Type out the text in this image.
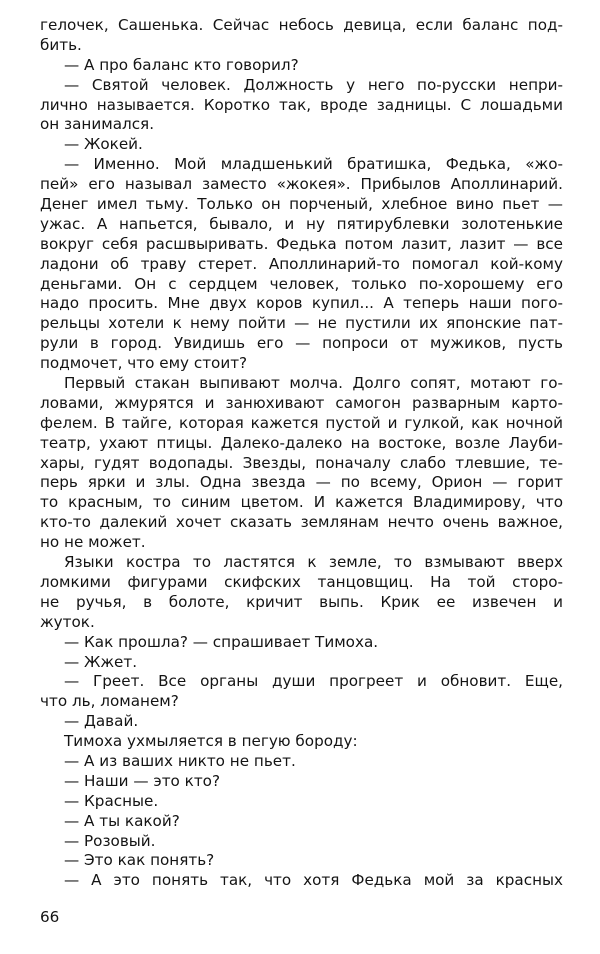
гелочек, Сашенька. Сейчас небось девица, если баланс под-
бить.
— А про баланс кто говорил?
— Святой человек. Должность у него по-русски непри-
лично называется. Коротко так, вроде задницы. С лошадьми
он занимался.
— Жокей.
— Именно. Мой младшенький братишка, Федька, «жо-
пей» его называл заместо «жокея». Прибылов Аполлинарий.
Денег имел тьму. Только он порченый, хлебное вино пьет —
ужас. А напьется, бывало, и ну пятирублевки золотенькие
вокруг себя расшвыривать. Федька потом лазит, лазит — все
ладони об траву стерет. Аполлинарий-то помогал кой-кому
деньгами. Он с сердцем человек, только по-хорошему его
надо просить. Мне двух коров купил... А теперь наши пого-
рельцы хотели к нему пойти — не пустили их японские пат-
рули в город. Увидишь его — попроси от мужиков, пусть
подмочет, что ему стоит?
Первый стакан выпивают молча. Долго сопят, мотают го-
ловами, жмурятся и занюхивают самогон разварным карто-
фелем. В тайге, которая кажется пустой и гулкой, как ночной
театр, ухают птицы. Далеко-далеко на востоке, возле Лауби-
хары, гудят водопады. Звезды, поначалу слабо тлевшие, те-
перь ярки и злы. Одна звезда — по всему, Орион — горит
то красным, то синим цветом. И кажется Владимирову, что
кто-то далекий хочет сказать землянам нечто очень важное,
но не может.
Языки костра то ластятся к земле, то взмывают вверх
ломкими фигурами скифских танцовщиц. На той сторо-
не ручья, в болоте, кричит выпь. Крик ее извечен и
жуток.
— Как прошла? — спрашивает Тимоха.
— Жжет.
— Греет. Все органы души прогреет и обновит. Еще,
что ль, ломанем?
— Давай.
Тимоха ухмыляется в пегую бороду:
— А из ваших никто не пьет.
— Наши — это кто?
— Красные.
— А ты какой?
— Розовый.
— Это как понять?
— А это понять так, что хотя Федька мой за красных
66
